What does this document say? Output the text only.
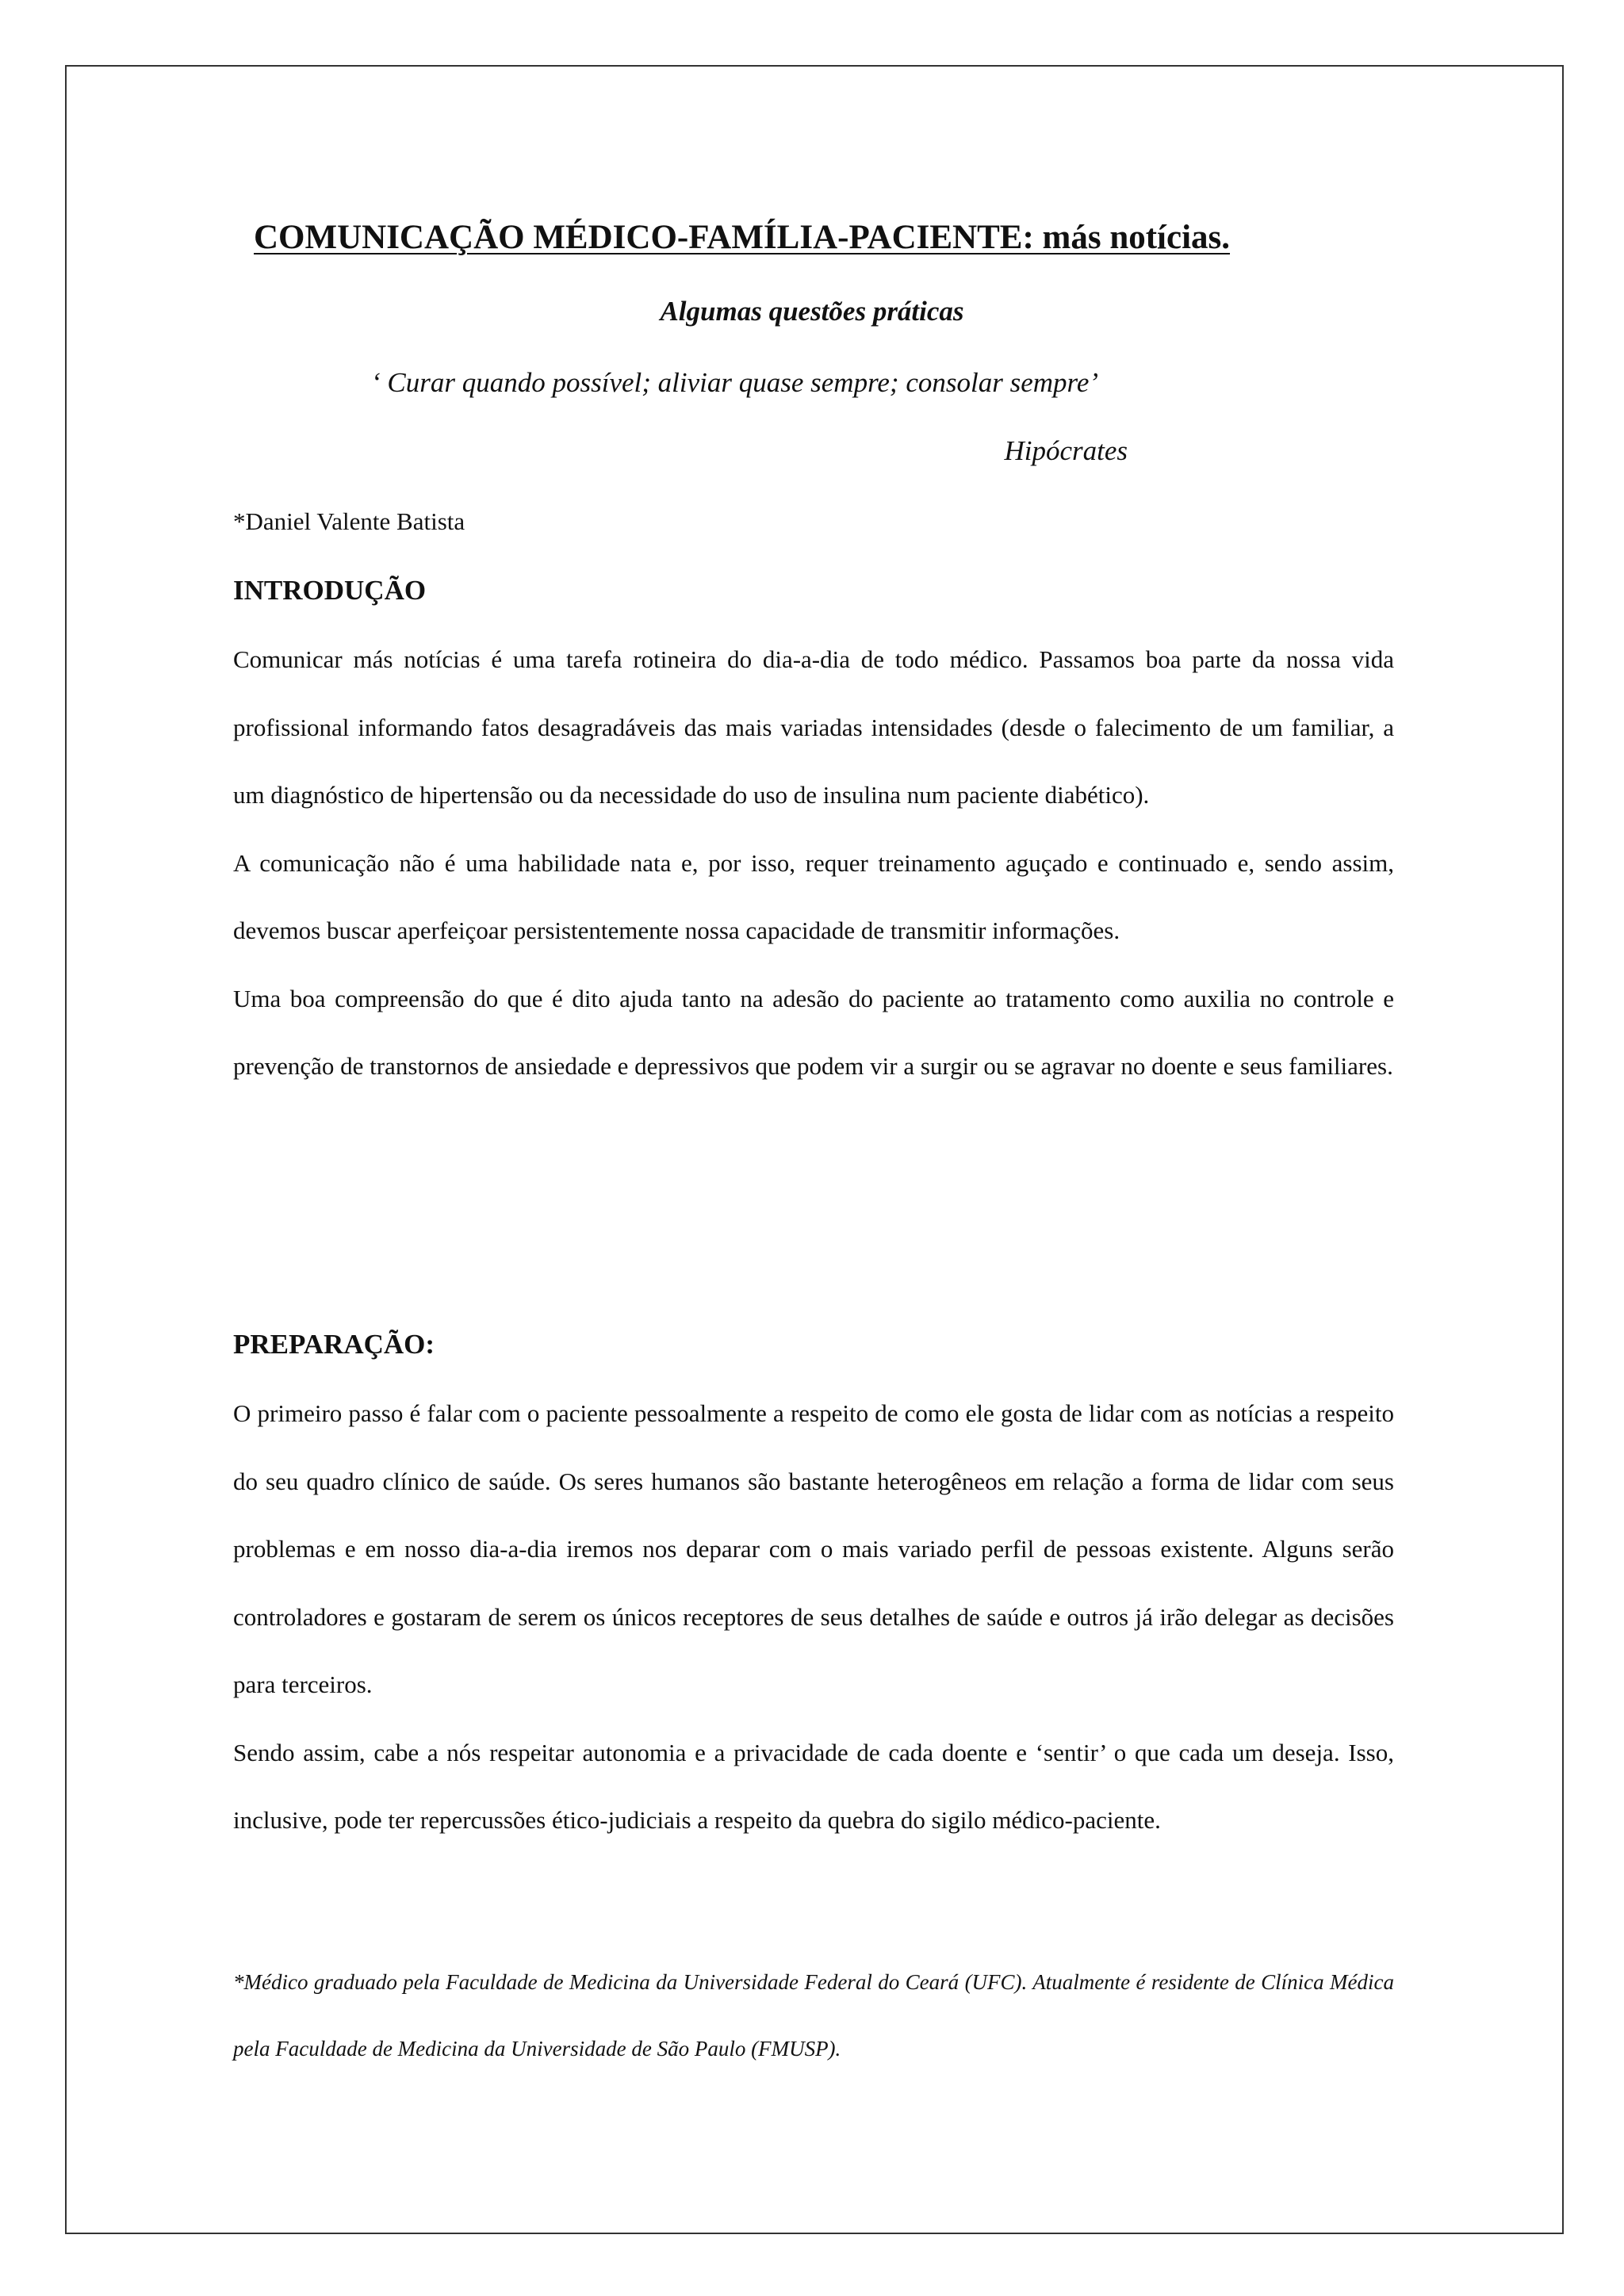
COMUNICAÇÃO MÉDICO-FAMÍLIA-PACIENTE: más notícias.
Algumas questões práticas
‘ Curar quando possível; aliviar quase sempre; consolar sempre’
Hipócrates
*Daniel Valente Batista
INTRODUÇÃO

Comunicar más notícias é uma tarefa rotineira do dia-a-dia de todo médico. Passamos boa parte da nossa vida profissional informando fatos desagradáveis das mais variadas intensidades (desde o falecimento de um familiar, a um diagnóstico de hipertensão ou da necessidade do uso de insulina num paciente diabético).

A comunicação não é uma habilidade nata e, por isso, requer treinamento aguçado e continuado e, sendo assim, devemos buscar aperfeiçoar persistentemente nossa capacidade de transmitir informações.

Uma boa compreensão do que é dito ajuda tanto na adesão do paciente ao tratamento como auxilia no controle e prevenção de transtornos de ansiedade e depressivos que podem vir a surgir ou se agravar no doente e seus familiares.

PREPARAÇÃO:

O primeiro passo é falar com o paciente pessoalmente a respeito de como ele gosta de lidar com as notícias a respeito do seu quadro clínico de saúde. Os seres humanos são bastante heterogêneos em relação a forma de lidar com seus problemas e em nosso dia-a-dia iremos nos deparar com o mais variado perfil de pessoas existente. Alguns serão controladores e gostaram de serem os únicos receptores de seus detalhes de saúde e outros já irão delegar as decisões para terceiros.

Sendo assim, cabe a nós respeitar autonomia e a privacidade de cada doente e ‘sentir’ o que cada um deseja. Isso, inclusive, pode ter repercussões ético-judiciais a respeito da quebra do sigilo médico-paciente.

*Médico graduado pela Faculdade de Medicina da Universidade Federal do Ceará (UFC). Atualmente é residente de Clínica Médica pela Faculdade de Medicina da Universidade de São Paulo (FMUSP).
